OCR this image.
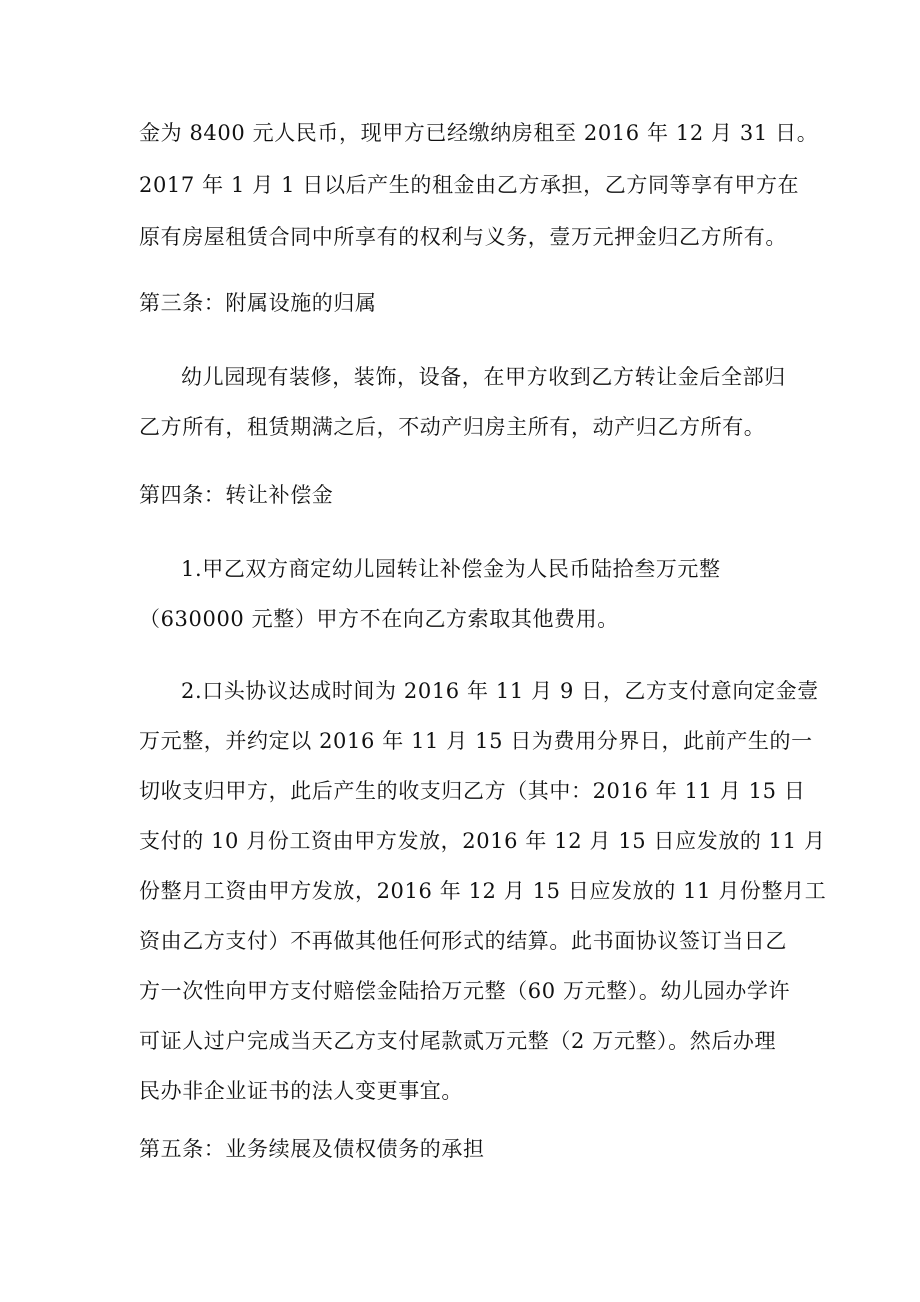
金为 8400 元人民币，现甲方已经缴纳房租至 2016 年 12 月 31 日。
2017 年 1 月 1 日以后产生的租金由乙方承担，乙方同等享有甲方在
原有房屋租赁合同中所享有的权利与义务，壹万元押金归乙方所有。
第三条：附属设施的归属
幼儿园现有装修，装饰，设备，在甲方收到乙方转让金后全部归
乙方所有，租赁期满之后，不动产归房主所有，动产归乙方所有。
第四条：转让补偿金
1.甲乙双方商定幼儿园转让补偿金为人民币陆拾叁万元整
（630000 元整）甲方不在向乙方索取其他费用。
2.口头协议达成时间为 2016 年 11 月 9 日，乙方支付意向定金壹
万元整，并约定以 2016 年 11 月 15 日为费用分界日，此前产生的一
切收支归甲方，此后产生的收支归乙方（其中：2016 年 11 月 15 日
支付的 10 月份工资由甲方发放，2016 年 12 月 15 日应发放的 11 月
份整月工资由甲方发放，2016 年 12 月 15 日应发放的 11 月份整月工
资由乙方支付）不再做其他任何形式的结算。此书面协议签订当日乙
方一次性向甲方支付赔偿金陆拾万元整（60 万元整）。幼儿园办学许
可证人过户完成当天乙方支付尾款贰万元整（2 万元整）。然后办理
民办非企业证书的法人变更事宜。
第五条：业务续展及债权债务的承担
